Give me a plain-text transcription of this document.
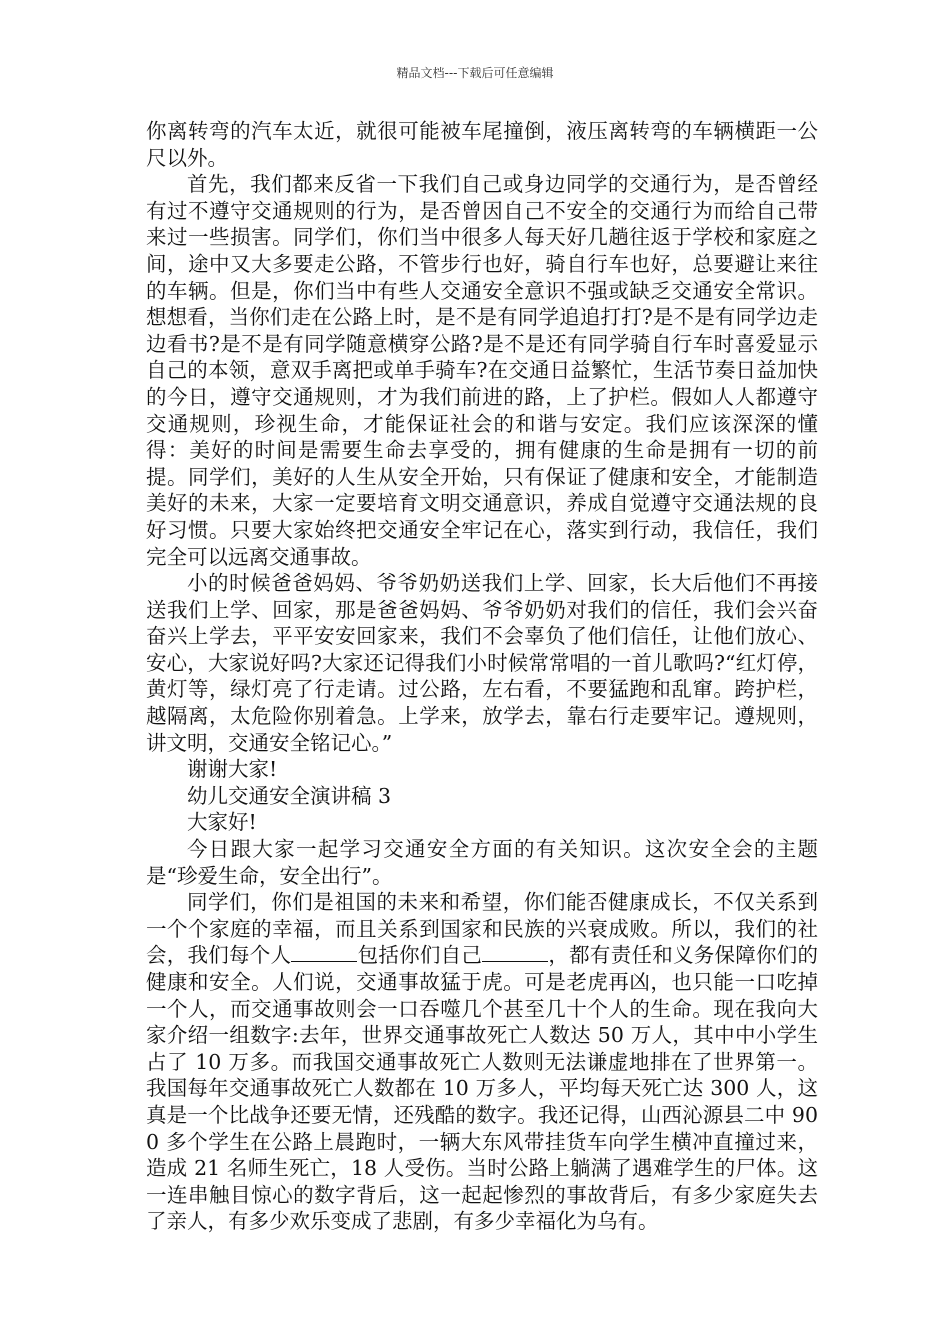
精品文档---下载后可任意编辑

你离转弯的汽车太近，就很可能被车尾撞倒，液压离转弯的车辆横距一公尺以外。

首先，我们都来反省一下我们自己或身边同学的交通行为，是否曾经有过不遵守交通规则的行为，是否曾因自己不安全的交通行为而给自己带来过一些损害。同学们，你们当中很多人每天好几趟往返于学校和家庭之间，途中又大多要走公路，不管步行也好，骑自行车也好，总要避让来往的车辆。但是，你们当中有些人交通安全意识不强或缺乏交通安全常识。想想看，当你们走在公路上时，是不是有同学追追打打?是不是有同学边走边看书?是不是有同学随意横穿公路?是不是还有同学骑自行车时喜爱显示自己的本领，意双手离把或单手骑车?在交通日益繁忙，生活节奏日益加快的今日，遵守交通规则，才为我们前进的路，上了护栏。假如人人都遵守交通规则，珍视生命，才能保证社会的和谐与安定。我们应该深深的懂得：美好的时间是需要生命去享受的，拥有健康的生命是拥有一切的前提。同学们，美好的人生从安全开始，只有保证了健康和安全，才能制造美好的未来，大家一定要培育文明交通意识，养成自觉遵守交通法规的良好习惯。只要大家始终把交通安全牢记在心，落实到行动，我信任，我们完全可以远离交通事故。

小的时候爸爸妈妈、爷爷奶奶送我们上学、回家，长大后他们不再接送我们上学、回家，那是爸爸妈妈、爷爷奶奶对我们的信任，我们会兴奋奋兴上学去，平平安安回家来，我们不会辜负了他们信任，让他们放心、安心，大家说好吗?大家还记得我们小时候常常唱的一首儿歌吗?“红灯停，黄灯等，绿灯亮了行走请。过公路，左右看，不要猛跑和乱窜。跨护栏，越隔离，太危险你别着急。上学来，放学去，靠右行走要牢记。遵规则，讲文明，交通安全铭记心。”

谢谢大家!

幼儿交通安全演讲稿 3

大家好!

今日跟大家一起学习交通安全方面的有关知识。这次安全会的主题是“珍爱生命，安全出行”。

同学们，你们是祖国的未来和希望，你们能否健康成长，不仅关系到一个个家庭的幸福，而且关系到国家和民族的兴衰成败。所以，我们的社会，我们每个人	包括你们自己	，都有责任和义务保障你们的健康和安全。人们说，交通事故猛于虎。可是老虎再凶，也只能一口吃掉一个人，而交通事故则会一口吞噬几个甚至几十个人的生命。现在我向大家介绍一组数字:去年，世界交通事故死亡人数达 50 万人，其中中小学生占了 10 万多。而我国交通事故死亡人数则无法谦虚地排在了世界第一。我国每年交通事故死亡人数都在 10 万多人，平均每天死亡达 300 人，这真是一个比战争还要无情，还残酷的数字。我还记得，山西沁源县二中 900 多个学生在公路上晨跑时，一辆大东风带挂货车向学生横冲直撞过来，造成 21 名师生死亡，18 人受伤。当时公路上躺满了遇难学生的尸体。这一连串触目惊心的数字背后，这一起起惨烈的事故背后，有多少家庭失去了亲人，有多少欢乐变成了悲剧，有多少幸福化为乌有。
